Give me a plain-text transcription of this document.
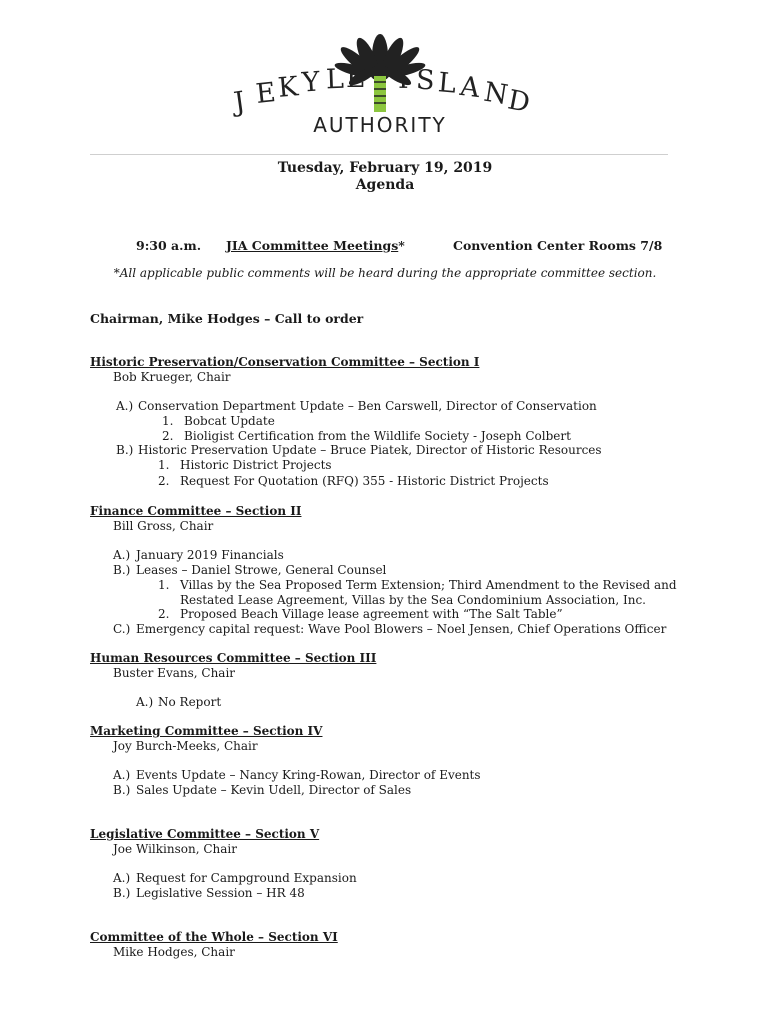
J E K Y L L I S L A N
D
AUTHORITY
Tuesday, February 19, 2019
Agenda
9:30 a.m. JIA Committee Meetings*	Convention Center Rooms 7/8
*All applicable public comments will be heard during the appropriate committee section.
Chairman, Mike Hodges – Call to order
Historic Preservation/Conservation Committee – Section I
Bob Krueger, Chair
A.) Conservation Department Update – Ben Carswell, Director of Conservation
1. Bobcat Update
2. Bioligist Certification from the Wildlife Society - Joseph Colbert
B.) Historic Preservation Update – Bruce Piatek, Director of Historic Resources
1. Historic District Projects
2. Request For Quotation (RFQ) 355 - Historic District Projects
Finance Committee – Section II
Bill Gross, Chair
A.) January 2019 Financials
B.) Leases – Daniel Strowe, General Counsel
1. Villas by the Sea Proposed Term Extension; Third Amendment to the Revised and
Restated Lease Agreement, Villas by the Sea Condominium Association, Inc.
2. Proposed Beach Village lease agreement with “The Salt Table”
C.) Emergency capital request: Wave Pool Blowers – Noel Jensen, Chief Operations Officer
Human Resources Committee – Section III
Buster Evans, Chair
A.) No Report
Marketing Committee – Section IV
Joy Burch-Meeks, Chair
A.) Events Update – Nancy Kring-Rowan, Director of Events
B.) Sales Update – Kevin Udell, Director of Sales
Legislative Committee – Section V
Joe Wilkinson, Chair
A.) Request for Campground Expansion
B.) Legislative Session – HR 48
Committee of the Whole – Section VI
Mike Hodges, Chair
